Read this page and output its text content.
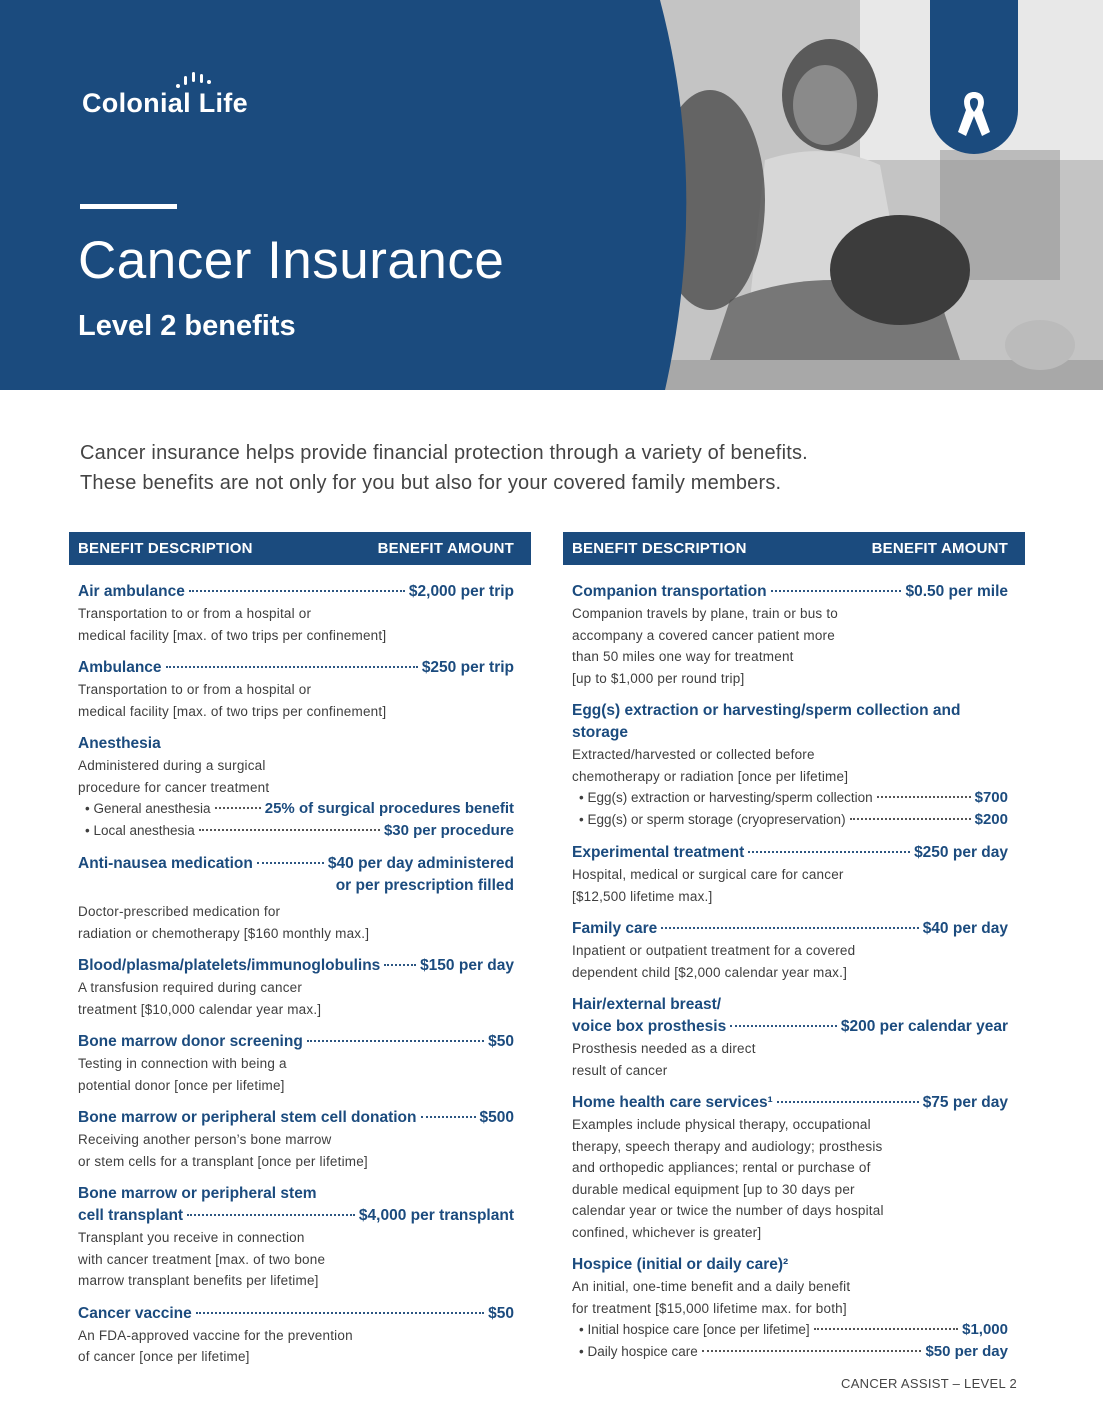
Colonial Life
Cancer Insurance
Level 2 benefits
Cancer insurance helps provide financial protection through a variety of benefits.
These benefits are not only for you but also for your covered family members.
BENEFIT DESCRIPTION	BENEFIT AMOUNT
Air ambulance	$2,000 per trip
Transportation to or from a hospital or
medical facility [max. of two trips per confinement]
Ambulance	$250 per trip
Transportation to or from a hospital or
medical facility [max. of two trips per confinement]
Anesthesia
Administered during a surgical
procedure for cancer treatment
• General anesthesia	25% of surgical procedures benefit
• Local anesthesia	$30 per procedure
Anti-nausea medication	$40 per day administered
or per prescription filled
Doctor-prescribed medication for
radiation or chemotherapy [$160 monthly max.]
Blood/plasma/platelets/immunoglobulins	$150 per day
A transfusion required during cancer
treatment [$10,000 calendar year max.]
Bone marrow donor screening	$50
Testing in connection with being a
potential donor [once per lifetime]
Bone marrow or peripheral stem cell donation	$500
Receiving another person’s bone marrow
or stem cells for a transplant [once per lifetime]
Bone marrow or peripheral stem
cell transplant	$4,000 per transplant
Transplant you receive in connection
with cancer treatment [max. of two bone
marrow transplant benefits per lifetime]
Cancer vaccine	$50
An FDA-approved vaccine for the prevention
of cancer [once per lifetime]
BENEFIT DESCRIPTION	BENEFIT AMOUNT
Companion transportation	$0.50 per mile
Companion travels by plane, train or bus to
accompany a covered cancer patient more
than 50 miles one way for treatment
[up to $1,000 per round trip]
Egg(s) extraction or harvesting/sperm collection and storage
Extracted/harvested or collected before
chemotherapy or radiation [once per lifetime]
• Egg(s) extraction or harvesting/sperm collection	$700
• Egg(s) or sperm storage (cryopreservation)	$200
Experimental treatment	$250 per day
Hospital, medical or surgical care for cancer
[$12,500 lifetime max.]
Family care	$40 per day
Inpatient or outpatient treatment for a covered
dependent child [$2,000 calendar year max.]
Hair/external breast/
voice box prosthesis	$200 per calendar year
Prosthesis needed as a direct
result of cancer
Home health care services¹	$75 per day
Examples include physical therapy, occupational
therapy, speech therapy and audiology; prosthesis
and orthopedic appliances; rental or purchase of
durable medical equipment [up to 30 days per
calendar year or twice the number of days hospital
confined, whichever is greater]
Hospice (initial or daily care)²
An initial, one-time benefit and a daily benefit
for treatment [$15,000 lifetime max. for both]
• Initial hospice care [once per lifetime]	$1,000
• Daily hospice care	$50 per day
CANCER ASSIST – LEVEL 2
